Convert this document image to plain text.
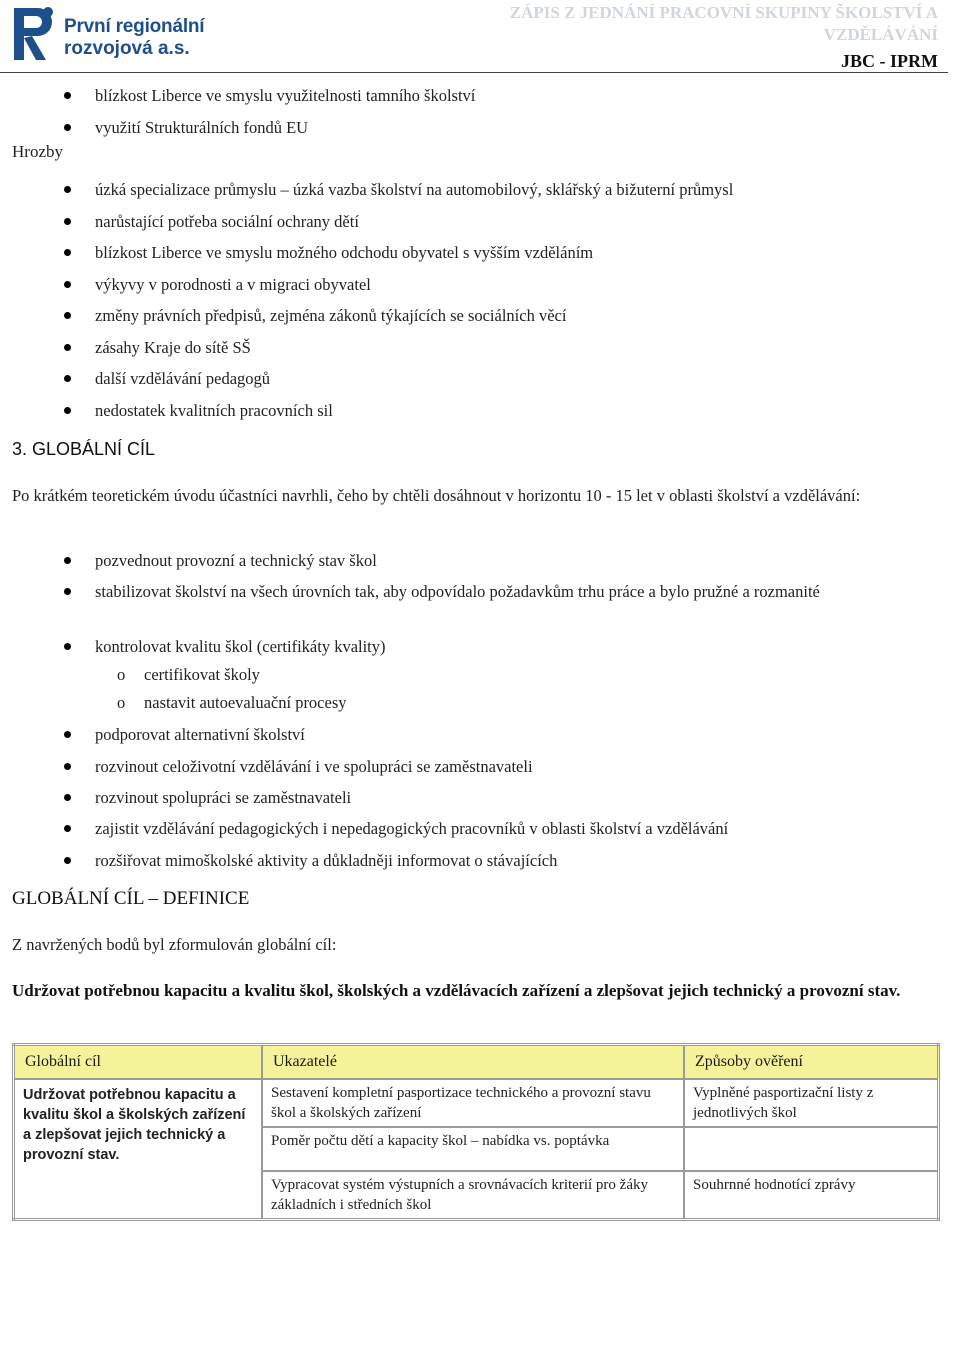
První regionální
rozvojová a.s.
ZÁPIS Z JEDNÁNÍ PRACOVNÍ SKUPINY ŠKOLSTVÍ A VZDĚLÁVÁNÍ
JBC - IPRM
blízkost Liberce ve smyslu využitelnosti tamního školství
využití Strukturálních fondů EU
Hrozby
úzká specializace průmyslu – úzká vazba školství na automobilový, sklářský a bižuterní průmysl
narůstající potřeba sociální ochrany dětí
blízkost Liberce ve smyslu možného odchodu obyvatel s vyšším vzděláním
výkyvy v porodnosti a v migraci obyvatel
změny právních předpisů, zejména zákonů týkajících se sociálních věcí
zásahy Kraje do sítě SŠ
další vzdělávání pedagogů
nedostatek kvalitních pracovních sil
3. GLOBÁLNÍ CÍL
Po krátkém teoretickém úvodu účastníci navrhli, čeho by chtěli dosáhnout v horizontu 10 - 15 let v oblasti školství a vzdělávání:
pozvednout provozní a technický stav škol
stabilizovat školství na všech úrovních tak, aby odpovídalo požadavkům trhu práce a bylo pružné a rozmanité
kontrolovat kvalitu škol (certifikáty kvality)
o certifikovat školy
o nastavit autoevaluační procesy
podporovat alternativní školství
rozvinout celoživotní vzdělávání i ve spolupráci se zaměstnavateli
rozvinout spolupráci se zaměstnavateli
zajistit vzdělávání pedagogických i nepedagogických pracovníků v oblasti školství a vzdělávání
rozšiřovat mimoškolské aktivity a důkladněji informovat o stávajících
GLOBÁLNÍ CÍL – DEFINICE
Z navržených bodů byl zformulován globální cíl:
Udržovat potřebnou kapacitu a kvalitu škol, školských a vzdělávacích zařízení a zlepšovat jejich technický a provozní stav.
Globální cíl	Ukazatelé	Způsoby ověření
Udržovat potřebnou kapacitu a kvalitu škol a školských zařízení a zlepšovat jejich technický a provozní stav.	Sestavení kompletní pasportizace technického a provozní stavu škol a školských zařízení	Vyplněné pasportizační listy z jednotlivých škol
	Poměr počtu dětí a kapacity škol – nabídka vs. poptávka	
	Vypracovat systém výstupních a srovnávacích kriterií pro žáky základních i středních škol	Souhrnné hodnotící zprávy
